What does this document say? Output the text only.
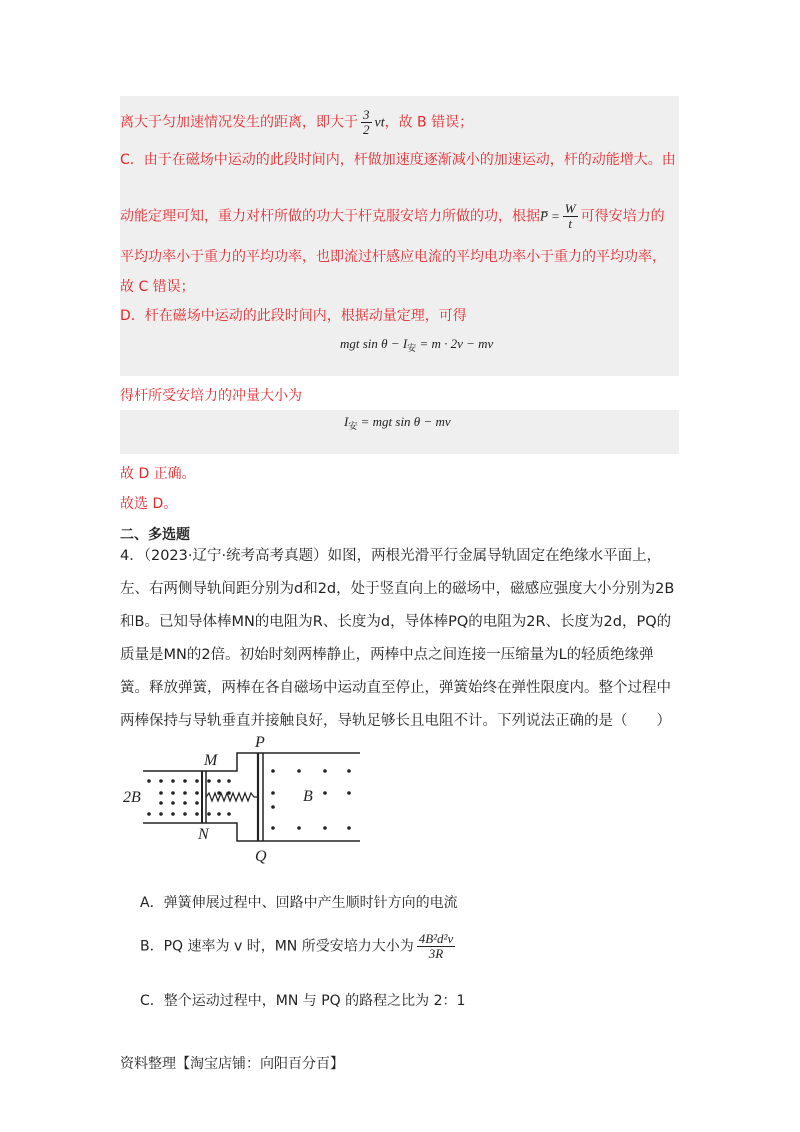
离大于匀加速情况发生的距离，即大于 $\frac{3}{2}$ vt，故 B 错误；
C．由于在磁场中运动的此段时间内，杆做加速度逐渐减小的加速运动，杆的动能增大。由
动能定理可知，重力对杆所做的功大于杆克服安培力所做的功，根据P̅ = $\frac{W}{t}$ 可得安培力的
平均功率小于重力的平均功率，也即流过杆感应电流的平均电功率小于重力的平均功率，
故 C 错误；
D．杆在磁场中运动的此段时间内，根据动量定理，可得
mgt $\sin \theta - I_安 = m \cdot 2v$ − mv
得杆所受安培力的冲量大小为
$I_安$ = mgt sin θ − mv
故 D 正确。
故选 D。
二、多选题
4．（2023·辽宁·统考高考真题）如图，两根光滑平行金属导轨固定在绝缘水平面上，左、右两侧导轨间距分别为d和2d，处于竖直向上的磁场中，磁感应强度大小分别为2B和B。已知导体棒MN的电阻为R、长度为d，导体棒PQ的电阻为2R、长度为2d，PQ的质量是MN的2倍。初始时刻两棒静止，两棒中点之间连接一压缩量为L的轻质绝缘弹簧。释放弹簧，两棒在各自磁场中运动直至停止，弹簧始终在弹性限度内。整个过程中两棒保持与导轨垂直并接触良好，导轨足够长且电阻不计。下列说法正确的是（　　）
P
Q
M
N
2B	B
A．弹簧伸展过程中、回路中产生顺时针方向的电流
B．PQ 速率为 v 时，MN 所受安培力大小为 $\frac{\text{4B²d²v}}{3R}$
C．整个运动过程中，MN 与 PQ 的路程之比为 2：1
资料整理【淘宝店铺：向阳百分百】
